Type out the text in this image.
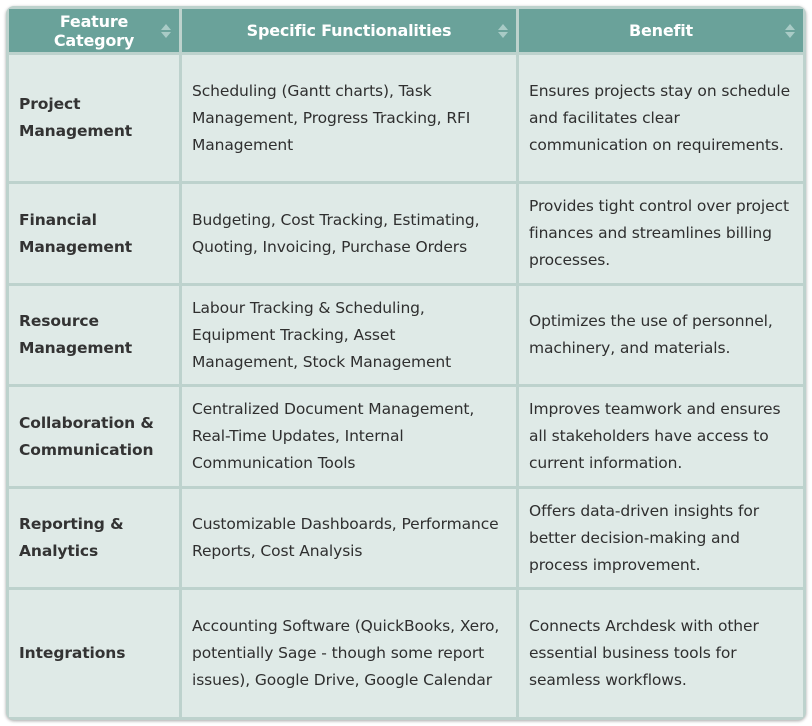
Feature Category	Specific Functionalities	Benefit

Project Management	Scheduling (Gantt charts), Task Management, Progress Tracking, RFI Management	Ensures projects stay on schedule and facilitates clear communication on requirements.
Financial Management	Budgeting, Cost Tracking, Estimating, Quoting, Invoicing, Purchase Orders	Provides tight control over project finances and streamlines billing processes.
Resource Management	Labour Tracking & Scheduling, Equipment Tracking, Asset Management, Stock Management	Optimizes the use of personnel, machinery, and materials.
Collaboration & Communication	Centralized Document Management, Real-Time Updates, Internal Communication Tools	Improves teamwork and ensures all stakeholders have access to current information.
Reporting & Analytics	Customizable Dashboards, Performance Reports, Cost Analysis	Offers data-driven insights for better decision-making and process improvement.
Integrations	Accounting Software (QuickBooks, Xero, potentially Sage - though some report issues), Google Drive, Google Calendar	Connects Archdesk with other essential business tools for seamless workflows.
